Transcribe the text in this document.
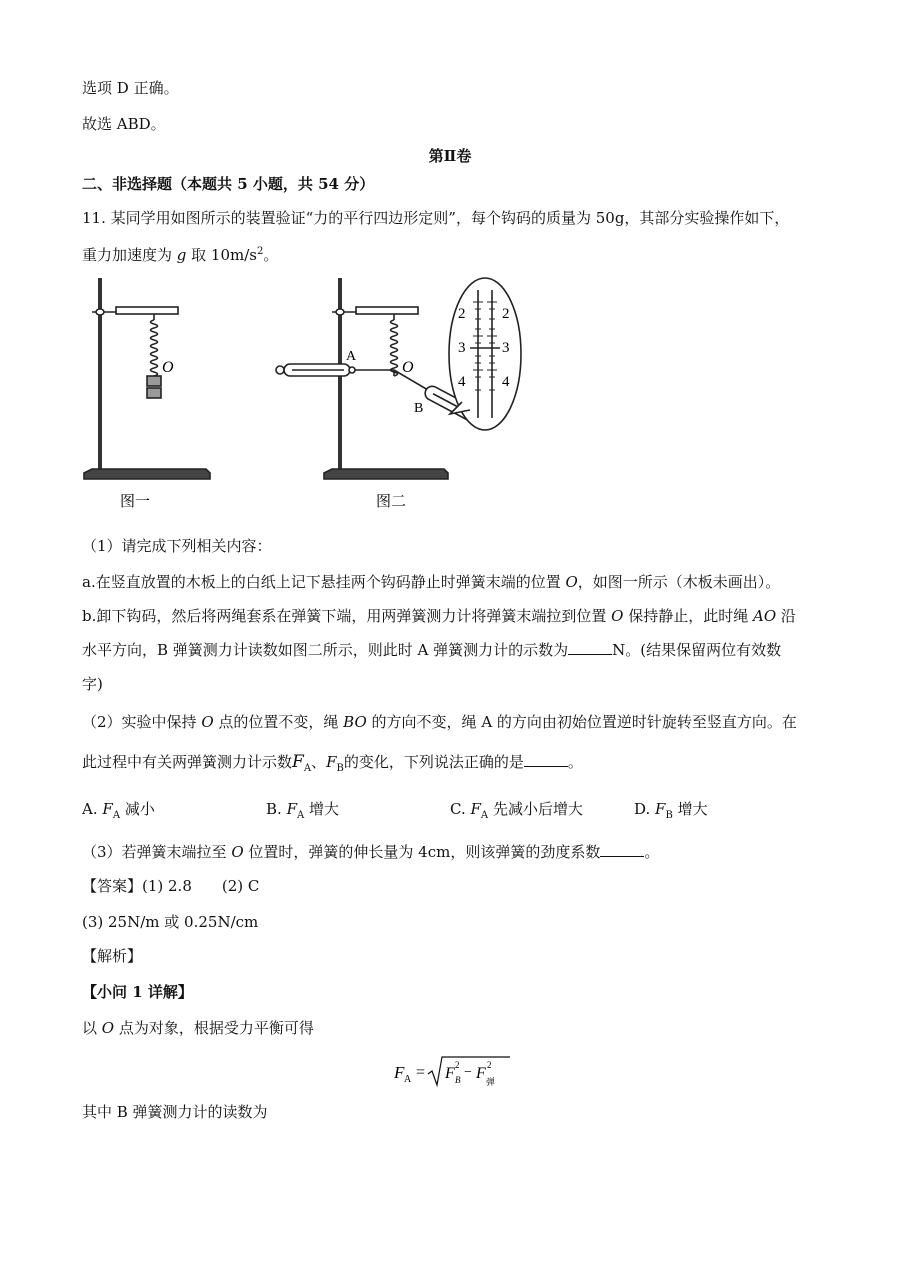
选项 D 正确。
故选 ABD。
第Ⅱ卷
二、非选择题（本题共 5 小题，共 54 分）
11. 某同学用如图所示的装置验证“力的平行四边形定则”，每个钩码的质量为 50g，其部分实验操作如下，
重力加速度为 g 取 $10m/s^2$。
O	O
A
B
2 2
3 3
4 4
图一	图二
（1）请完成下列相关内容：
a.在竖直放置的木板上的白纸上记下悬挂两个钩码静止时弹簧末端的位置 O，如图一所示（木板未画出）。
b.卸下钩码，然后将两绳套系在弹簧下端，用两弹簧测力计将弹簧末端拉到位置 O 保持静止，此时绳 AO 沿
水平方向，B 弹簧测力计读数如图二所示，则此时 A 弹簧测力计的示数为	N。(结果保留两位有效数
字)
（2）实验中保持 O 点的位置不变，绳 BO 的方向不变，绳 A 的方向由初始位置逆时针旋转至竖直方向。在
此过程中有关两弹簧测力计示数$F_A$、$F_B$的变化，下列说法正确的是	。
A. $F_A$ 减小	B. $F_A$ 增大	C. $F_A$ 先减小后增大	D. $F_B$ 增大
（3）若弹簧末端拉至 O 位置时，弹簧的伸长量为 4cm，则该弹簧的劲度系数	。
【答案】(1) 2.8　　(2) C
(3) 25N/m 或 0.25N/cm
【解析】
【小问 1 详解】
以 O 点为对象，根据受力平衡可得
F A = F B
2 − F
弹
2
其中 B 弹簧测力计的读数为
